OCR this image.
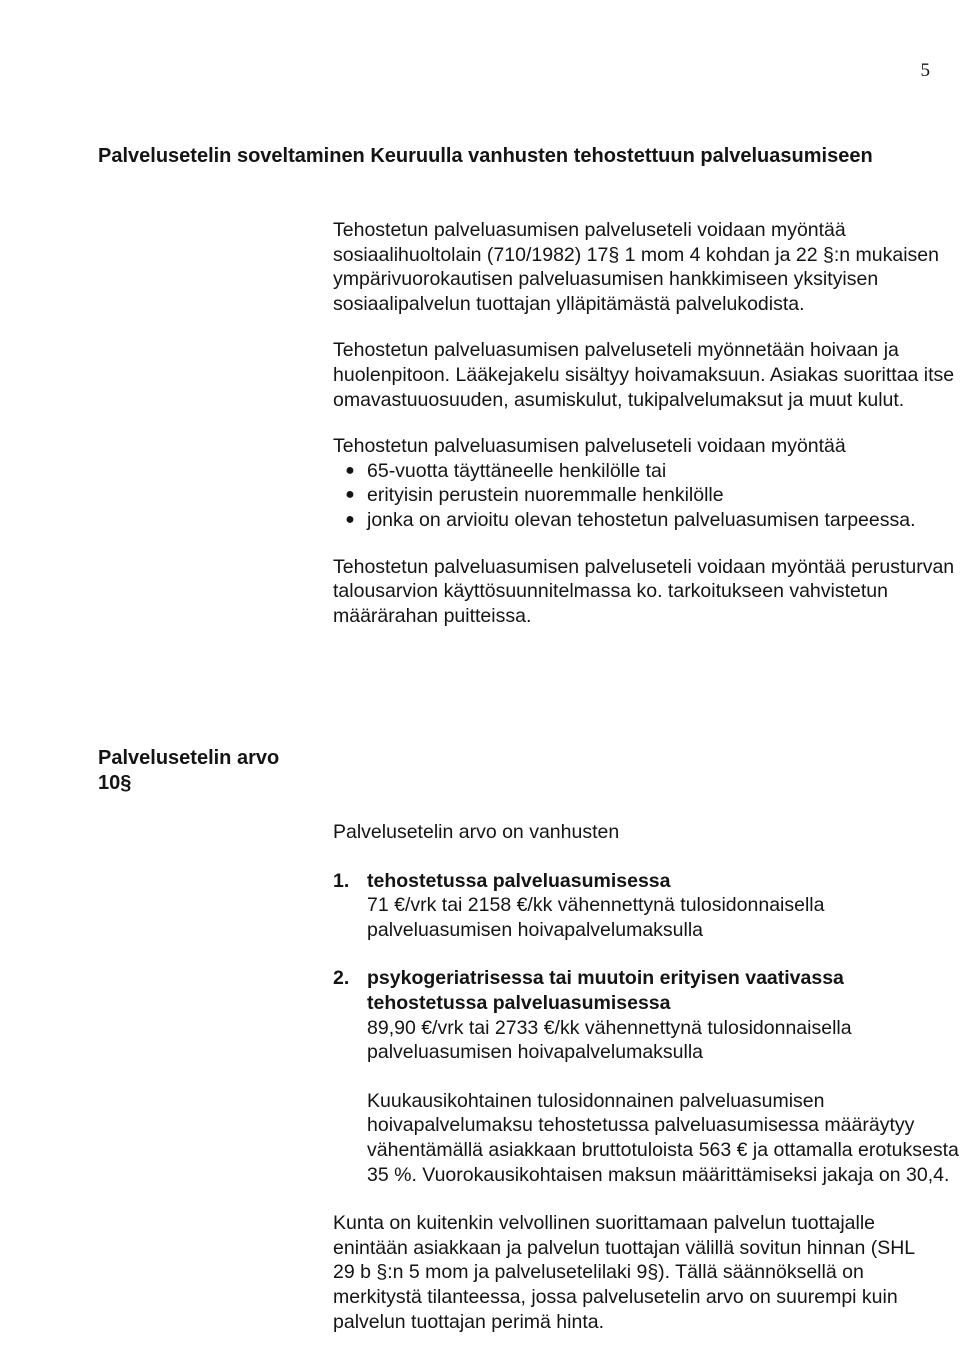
5
Palvelusetelin soveltaminen Keuruulla vanhusten tehostettuun palveluasumiseen

Tehostetun palveluasumisen palveluseteli voidaan myöntää sosiaalihuoltolain (710/1982) 17§ 1 mom 4 kohdan ja 22 §:n mukaisen ympärivuorokautisen palveluasumisen hankkimiseen yksityisen sosiaalipalvelun tuottajan ylläpitämästä palvelukodista.

Tehostetun palveluasumisen palveluseteli myönnetään hoivaan ja huolenpitoon. Lääkejakelu sisältyy hoivamaksuun. Asiakas suorittaa itse omavastuuosuuden, asumiskulut, tukipalvelumaksut ja muut kulut.

Tehostetun palveluasumisen palveluseteli voidaan myöntää

● 65-vuotta täyttäneelle henkilölle tai
● erityisin perustein nuoremmalle henkilölle
● jonka on arvioitu olevan tehostetun palveluasumisen tarpeessa.

Tehostetun palveluasumisen palveluseteli voidaan myöntää perusturvan talousarvion käyttösuunnitelmassa ko. tarkoitukseen vahvistetun määrärahan puitteissa.

Palvelusetelin arvo
10§

Palvelusetelin arvo on vanhusten

1. tehostetussa palveluasumisessa
71 €/vrk tai 2158 €/kk vähennettynä tulosidonnaisella palveluasumisen hoivapalvelumaksulla
2. psykogeriatrisessa tai muutoin erityisen vaativassa tehostetussa palveluasumisessa
89,90 €/vrk tai 2733 €/kk vähennettynä tulosidonnaisella palveluasumisen hoivapalvelumaksulla

Kuukausikohtainen tulosidonnainen palveluasumisen hoivapalvelumaksu tehostetussa palveluasumisessa määräytyy vähentämällä asiakkaan bruttotuloista 563 € ja ottamalla erotuksesta 35 %. Vuorokausikohtaisen maksun määrittämiseksi jakaja on 30,4.

Kunta on kuitenkin velvollinen suorittamaan palvelun tuottajalle enintään asiakkaan ja palvelun tuottajan välillä sovitun hinnan (SHL 29 b §:n 5 mom ja palvelusetelilaki 9§). Tällä säännöksellä on merkitystä tilanteessa, jossa palvelusetelin arvo on suurempi kuin palvelun tuottajan perimä hinta.
